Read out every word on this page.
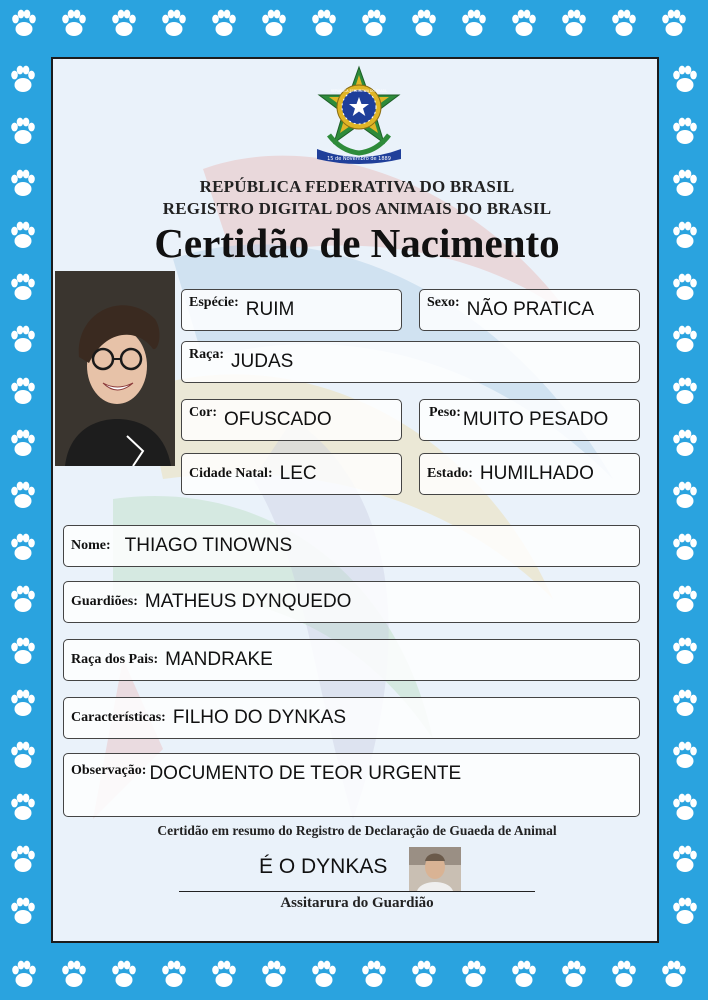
15 de Novembro de 1889
REPÚBLICA FEDERATIVA DO BRASIL
REPÚBLICA FEDERATIVA DO BRASIL
REGISTRO DIGITAL DOS ANIMAIS DO BRASIL
Certidão de Nacimento
Espécie: RUIM	Sexo: NÃO PRATICA
Raça: JUDAS
Cor: OFUSCADO	Peso: MUITO PESADO
Cidade Natal: LEC	Estado: HUMILHADO
Nome: THIAGO TINOWNS
Guardiões: MATHEUS DYNQUEDO
Raça dos Pais: MANDRAKE
Características: FILHO DO DYNKAS
Observação: DOCUMENTO DE TEOR URGENTE
Certidão em resumo do Registro de Declaração de Guaeda de Animal
É O DYNKAS
Assitarura do Guardião
